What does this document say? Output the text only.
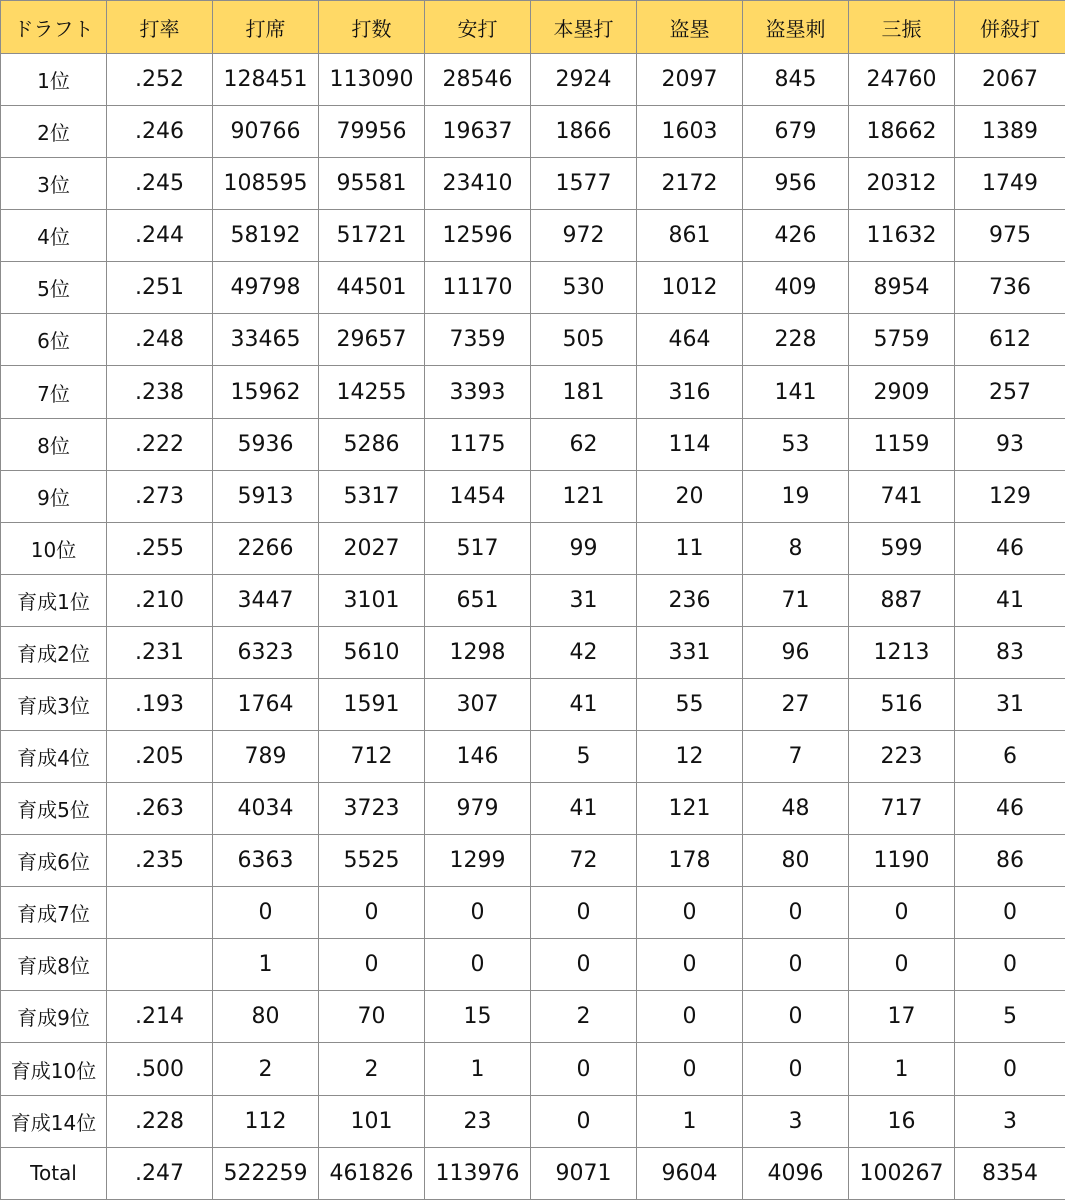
ドラフト	打率	打席	打数	安打	本塁打	盗塁	盗塁刺	三振	併殺打
1位	.252	128451	113090	28546	2924	2097	845	24760	2067
2位	.246	90766	79956	19637	1866	1603	679	18662	1389
3位	.245	108595	95581	23410	1577	2172	956	20312	1749
4位	.244	58192	51721	12596	972	861	426	11632	975
5位	.251	49798	44501	11170	530	1012	409	8954	736
6位	.248	33465	29657	7359	505	464	228	5759	612
7位	.238	15962	14255	3393	181	316	141	2909	257
8位	.222	5936	5286	1175	62	114	53	1159	93
9位	.273	5913	5317	1454	121	20	19	741	129
10位	.255	2266	2027	517	99	11	8	599	46
育成1位	.210	3447	3101	651	31	236	71	887	41
育成2位	.231	6323	5610	1298	42	331	96	1213	83
育成3位	.193	1764	1591	307	41	55	27	516	31
育成4位	.205	789	712	146	5	12	7	223	6
育成5位	.263	4034	3723	979	41	121	48	717	46
育成6位	.235	6363	5525	1299	72	178	80	1190	86
育成7位		0	0	0	0	0	0	0	0
育成8位		1	0	0	0	0	0	0	0
育成9位	.214	80	70	15	2	0	0	17	5
育成10位	.500	2	2	1	0	0	0	1	0
育成14位	.228	112	101	23	0	1	3	16	3
Total	.247	522259	461826	113976	9071	9604	4096	100267	8354
